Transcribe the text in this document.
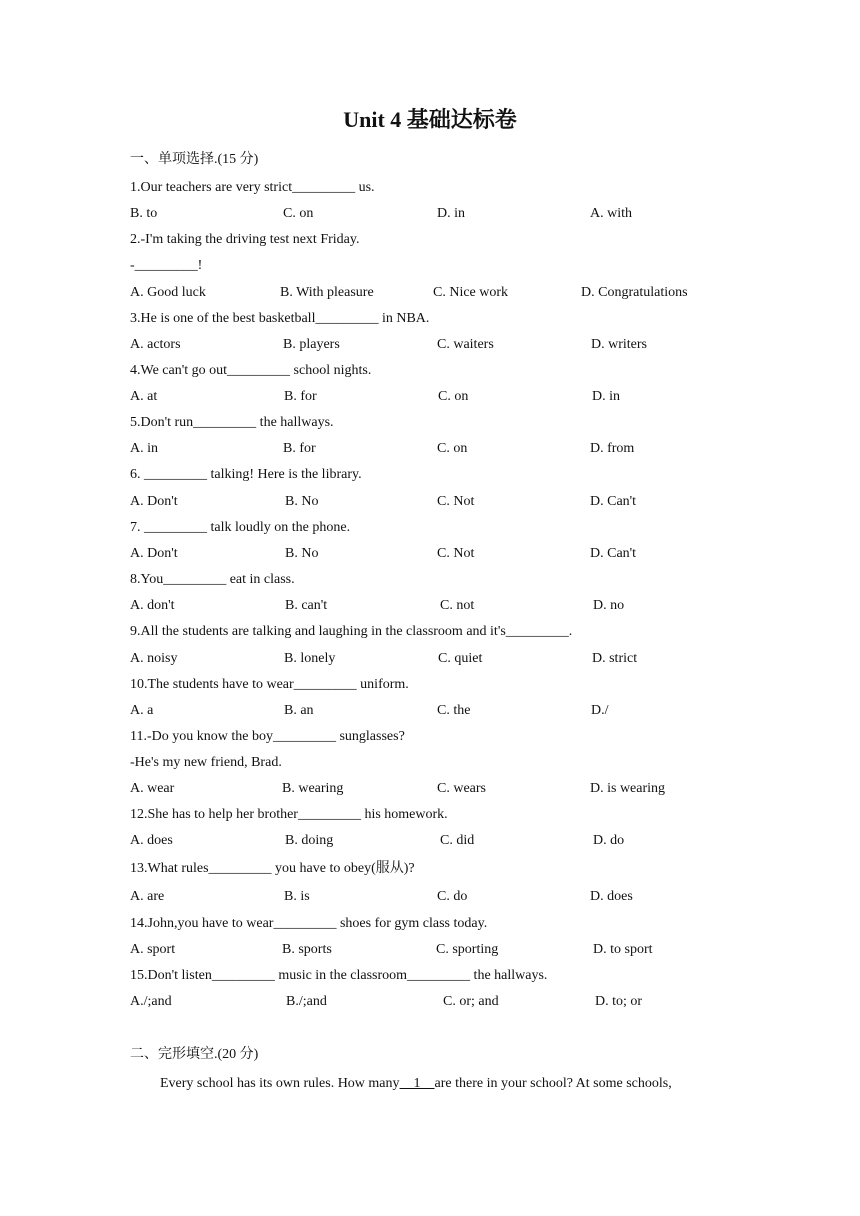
Unit 4 基础达标卷
一、单项选择.(15 分)
1.Our teachers are very strict_________ us.
B. to	C. on	D. in	A. with
2.-I'm taking the driving test next Friday.
-_________!
A. Good luck	B. With pleasure	C. Nice work	D. Congratulations
3.He is one of the best basketball_________ in NBA.
A. actors	B. players	C. waiters	D. writers
4.We can't go out_________ school nights.
A. at	B. for	C. on	D. in
5.Don't run_________ the hallways.
A. in	B. for	C. on	D. from
6. _________ talking! Here is the library.
A. Don't	B. No	C. Not	D. Can't
7. _________ talk loudly on the phone.
A. Don't	B. No	C. Not	D. Can't
8.You_________ eat in class.
A. don't	B. can't	C. not	D. no
9.All the students are talking and laughing in the classroom and it's_________.
A. noisy	B. lonely	C. quiet	D. strict
10.The students have to wear_________ uniform.
A. a	B. an	C. the	D./
11.-Do you know the boy_________ sunglasses?
-He's my new friend, Brad.
A. wear	B. wearing	C. wears	D. is wearing
12.She has to help her brother_________ his homework.
A. does	B. doing	C. did	D. do
13.What rules_________ you have to obey(服从)?
A. are	B. is	C. do	D. does
14.John,you have to wear_________ shoes for gym class today.
A. sport	B. sports	C. sporting	D. to sport
15.Don't listen_________ music in the classroom_________ the hallways.
A./;and	B./;and	C. or; and	D. to; or
二、完形填空.(20 分)
Every school has its own rules. How many    1    are there in your school? At some schools,
